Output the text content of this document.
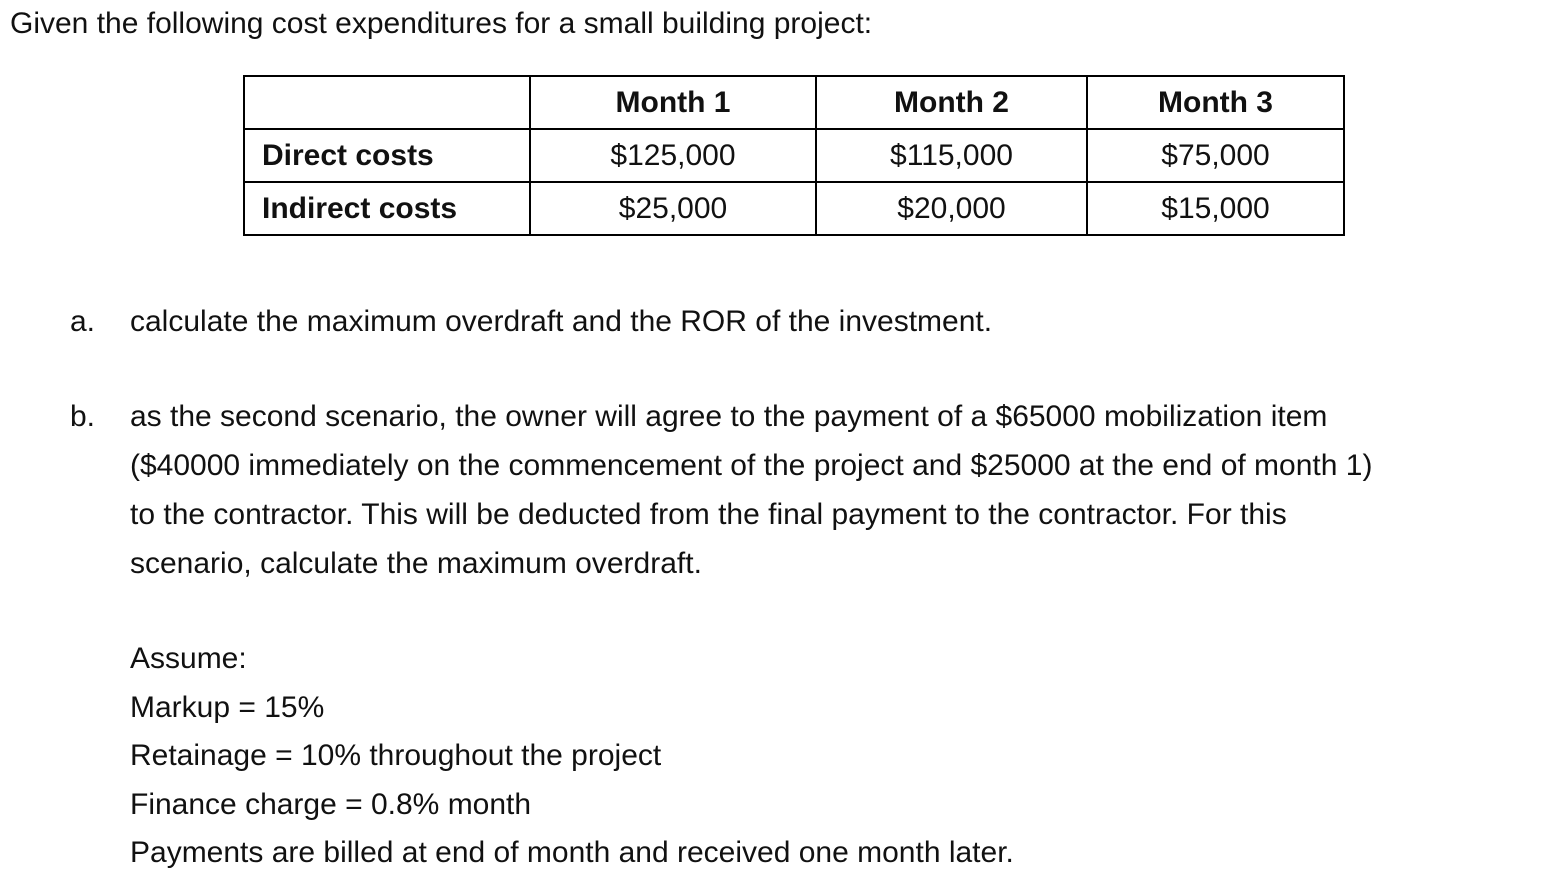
Given the following cost expenditures for a small building project:
	Month 1	Month 2	Month 3
Direct costs	$125,000	$115,000	$75,000
Indirect costs	$25,000	$20,000	$15,000
a. calculate the maximum overdraft and the ROR of the investment.
b. as the second scenario, the owner will agree to the payment of a $65000 mobilization item
($40000 immediately on the commencement of the project and $25000 at the end of month 1)
to the contractor. This will be deducted from the final payment to the contractor. For this
scenario, calculate the maximum overdraft.
Assume:
Markup = 15%
Retainage = 10% throughout the project
Finance charge = 0.8% month
Payments are billed at end of month and received one month later.
